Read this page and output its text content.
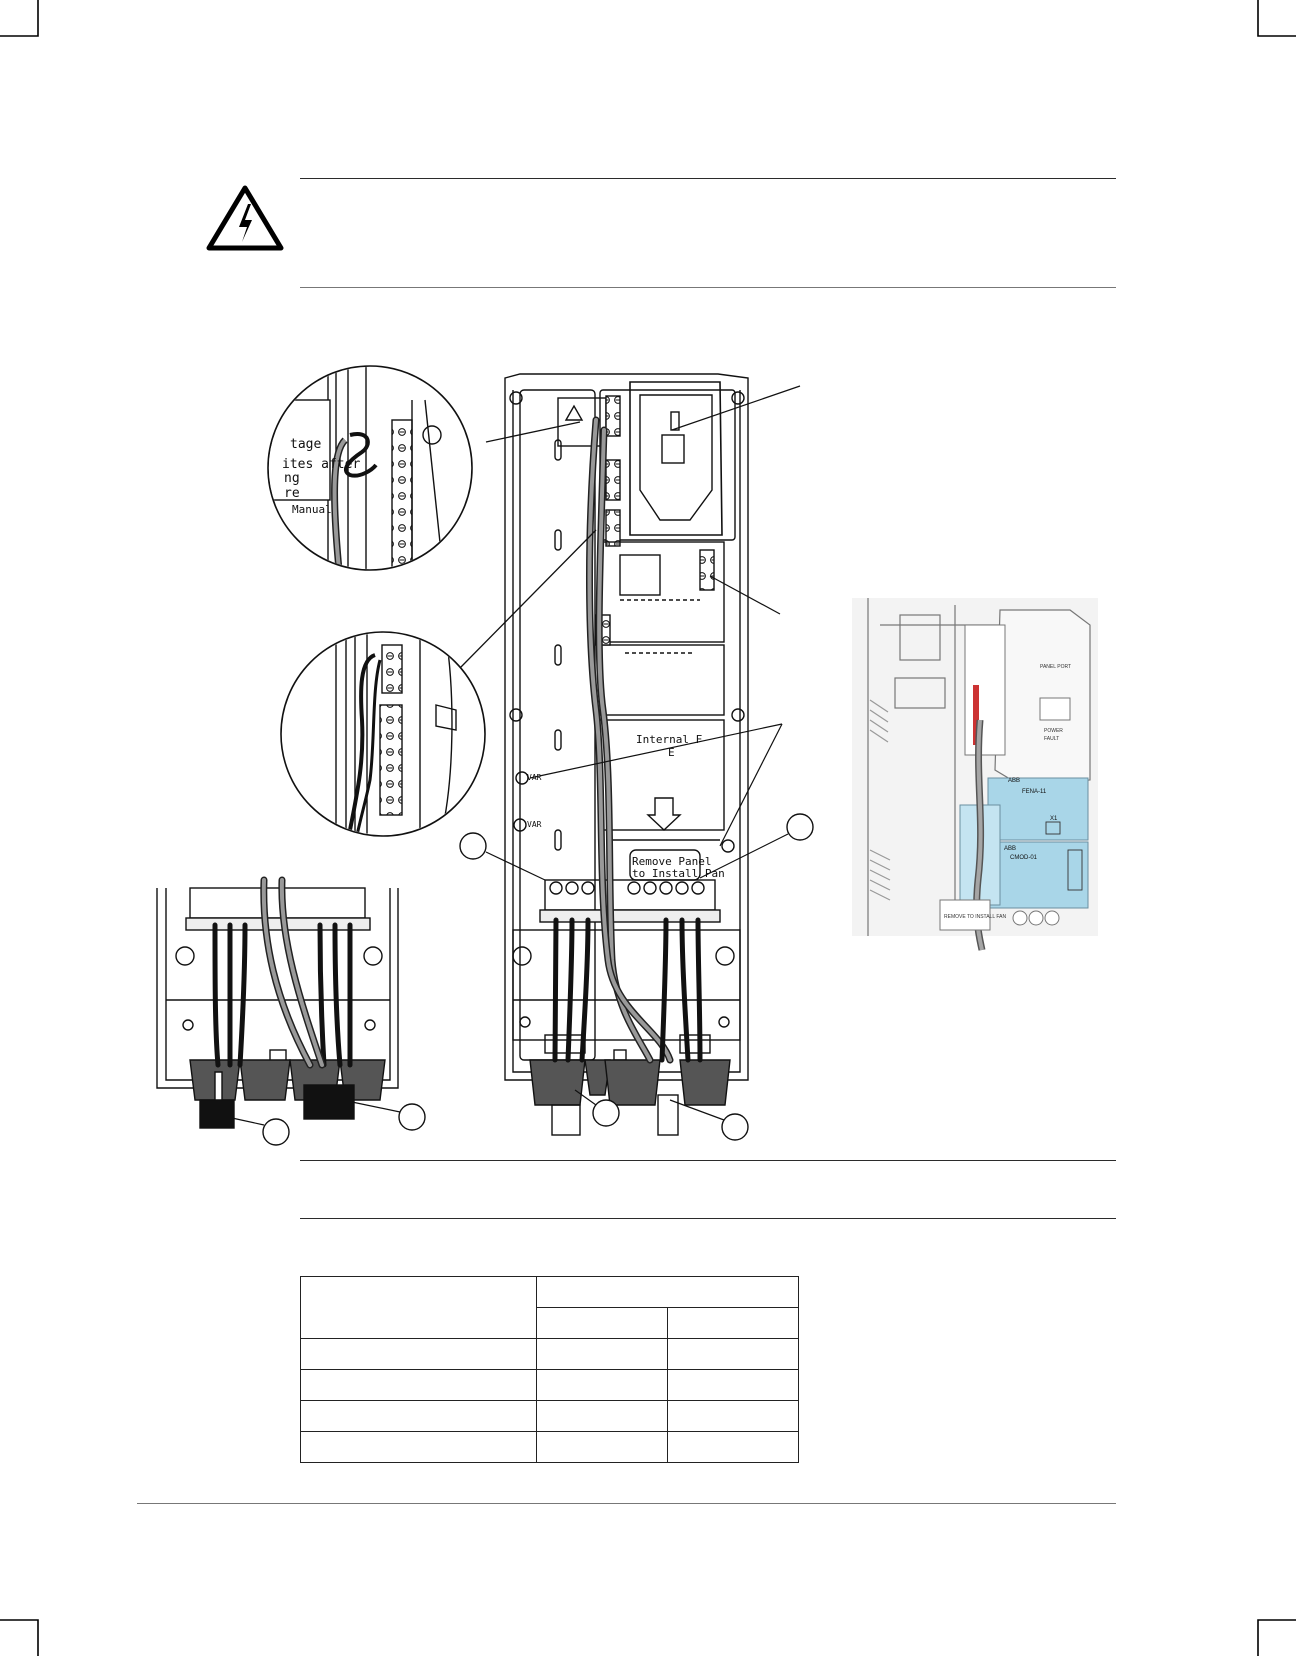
tage
ites after
ng
re
Manual
PANEL PORT
POWER
FAULT
FENA-11
X1
CMOD-01
ABB
ABB
REMOVE TO INSTALL FAN
Internal F
E
Remove Panel
to Install Pan
VAR
VAR
